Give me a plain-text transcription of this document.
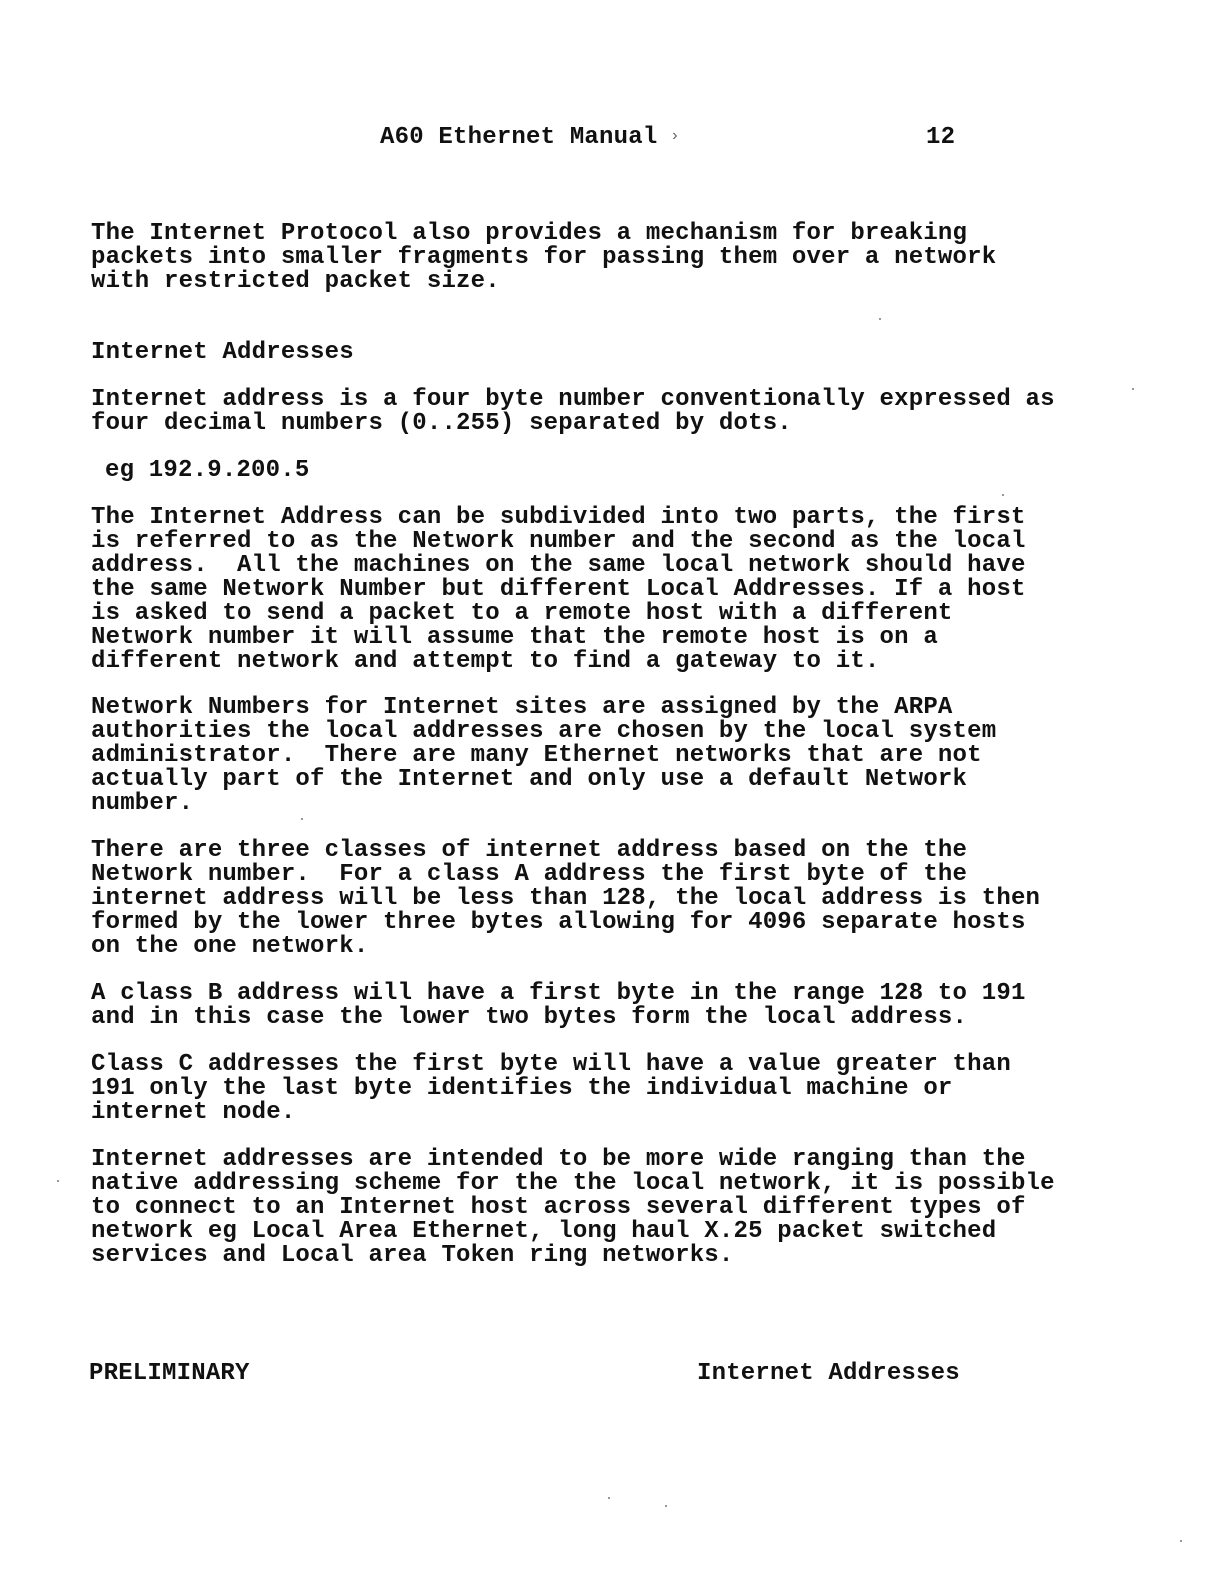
A60 Ethernet Manual ›	12
The Internet Protocol also provides a mechanism for breaking
packets into smaller fragments for passing them over a network
with restricted packet size.
Internet Addresses
Internet address is a four byte number conventionally expressed as
four decimal numbers (0..255) separated by dots.
eg 192.9.200.5
The Internet Address can be subdivided into two parts, the first
is referred to as the Network number and the second as the local
address.  All the machines on the same local network should have
the same Network Number but different Local Addresses. If a host
is asked to send a packet to a remote host with a different
Network number it will assume that the remote host is on a
different network and attempt to find a gateway to it.
Network Numbers for Internet sites are assigned by the ARPA
authorities the local addresses are chosen by the local system
administrator.  There are many Ethernet networks that are not
actually part of the Internet and only use a default Network
number.
There are three classes of internet address based on the the
Network number.  For a class A address the first byte of the
internet address will be less than 128, the local address is then
formed by the lower three bytes allowing for 4096 separate hosts
on the one network.
A class B address will have a first byte in the range 128 to 191
and in this case the lower two bytes form the local address.
Class C addresses the first byte will have a value greater than
191 only the last byte identifies the individual machine or
internet node.
Internet addresses are intended to be more wide ranging than the
native addressing scheme for the the local network, it is possible
to connect to an Internet host across several different types of
network eg Local Area Ethernet, long haul X.25 packet switched
services and Local area Token ring networks.
PRELIMINARY	Internet Addresses
